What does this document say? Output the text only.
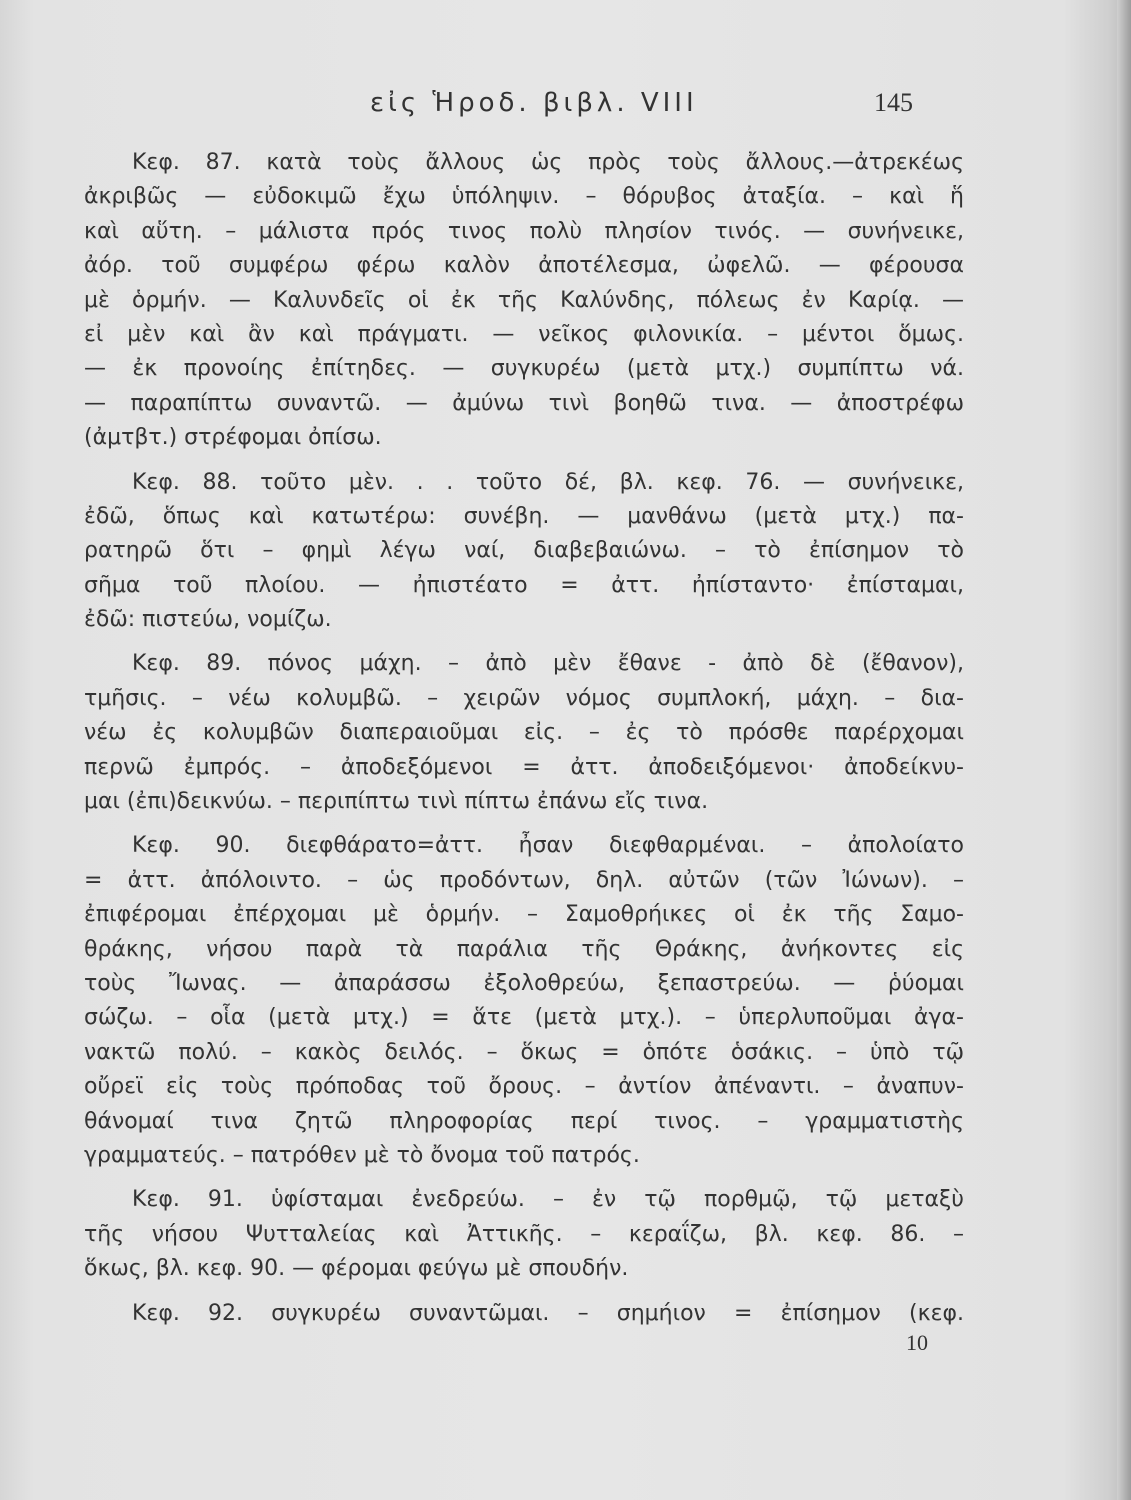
εἰς Ἡροδ. βιβλ. VIII	145
Κεφ. 87. κατὰ τοὺς ἄλλους ὡς πρὸς τοὺς ἄλλους.—ἀτρεκέως
ἀκριβῶς — εὐδοκιμῶ ἔχω ὑπόληψιν. – θόρυβος ἀταξία. – καὶ ἥ
καὶ αὕτη. – μάλιστα πρός τινος πολὺ πλησίον τινός. — συνήνεικε,
ἀόρ. τοῦ συμφέρω φέρω καλὸν ἀποτέλεσμα, ὠφελῶ. — φέρουσα
μὲ ὁρμήν. — Καλυνδεῖς οἱ ἐκ τῆς Καλύνδης, πόλεως ἐν Καρίᾳ. —
εἰ μὲν καὶ ἂν καὶ πράγματι. — νεῖκος φιλονικία. – μέντοι ὅμως.
— ἐκ προνοίης ἐπίτηδες. — συγκυρέω (μετὰ μτχ.) συμπίπτω νά.
— παραπίπτω συναντῶ. — ἀμύνω τινὶ βοηθῶ τινα. — ἀποστρέφω
(ἀμτβτ.) στρέφομαι ὀπίσω.
Κεφ. 88. τοῦτο μὲν. . . τοῦτο δέ, βλ. κεφ. 76. — συνήνεικε,
ἐδῶ, ὅπως καὶ κατωτέρω: συνέβη. — μανθάνω (μετὰ μτχ.) πα-
ρατηρῶ ὅτι – φημὶ λέγω ναί, διαβεβαιώνω. – τὸ ἐπίσημον τὸ
σῆμα τοῦ πλοίου. — ἠπιστέατο = ἀττ. ἠπίσταντο· ἐπίσταμαι,
ἐδῶ: πιστεύω, νομίζω.
Κεφ. 89. πόνος μάχη. – ἀπὸ μὲν ἔθανε - ἀπὸ δὲ (ἔθανον),
τμῆσις. – νέω κολυμβῶ. – χειρῶν νόμος συμπλοκή, μάχη. – δια-
νέω ἐς κολυμβῶν διαπεραιοῦμαι εἰς. – ἐς τὸ πρόσθε παρέρχομαι
περνῶ ἐμπρός. – ἀποδεξόμενοι = ἀττ. ἀποδειξόμενοι· ἀποδείκνυ-
μαι (ἐπι)δεικνύω. – περιπίπτω τινὶ πίπτω ἐπάνω εἴς τινα.
Κεφ. 90. διεφθάρατο=ἀττ. ἦσαν διεφθαρμέναι. – ἀπολοίατο
= ἀττ. ἀπόλοιντο. – ὡς προδόντων, δηλ. αὐτῶν (τῶν Ἰώνων). –
ἐπιφέρομαι ἐπέρχομαι μὲ ὁρμήν. – Σαμοθρήικες οἱ ἐκ τῆς Σαμο-
θράκης, νήσου παρὰ τὰ παράλια τῆς Θράκης, ἀνήκοντες εἰς
τοὺς Ἴωνας. — ἀπαράσσω ἐξολοθρεύω, ξεπαστρεύω. — ῥύομαι
σώζω. – οἷα (μετὰ μτχ.) = ἅτε (μετὰ μτχ.). – ὑπερλυποῦμαι ἀγα-
νακτῶ πολύ. – κακὸς δειλός. – ὅκως = ὁπότε ὁσάκις. – ὑπὸ τῷ
οὔρεϊ εἰς τοὺς πρόποδας τοῦ ὄρους. – ἀντίον ἀπέναντι. – ἀναπυν-
θάνομαί τινα ζητῶ πληροφορίας περί τινος. – γραμματιστὴς
γραμματεύς. – πατρόθεν μὲ τὸ ὄνομα τοῦ πατρός.
Κεφ. 91. ὑφίσταμαι ἐνεδρεύω. – ἐν τῷ πορθμῷ, τῷ μεταξὺ
τῆς νήσου Ψυτταλείας καὶ Ἀττικῆς. – κεραΐζω, βλ. κεφ. 86. –
ὅκως, βλ. κεφ. 90. — φέρομαι φεύγω μὲ σπουδήν.
Κεφ. 92. συγκυρέω συναντῶμαι. – σημήιον = ἐπίσημον (κεφ.
10
